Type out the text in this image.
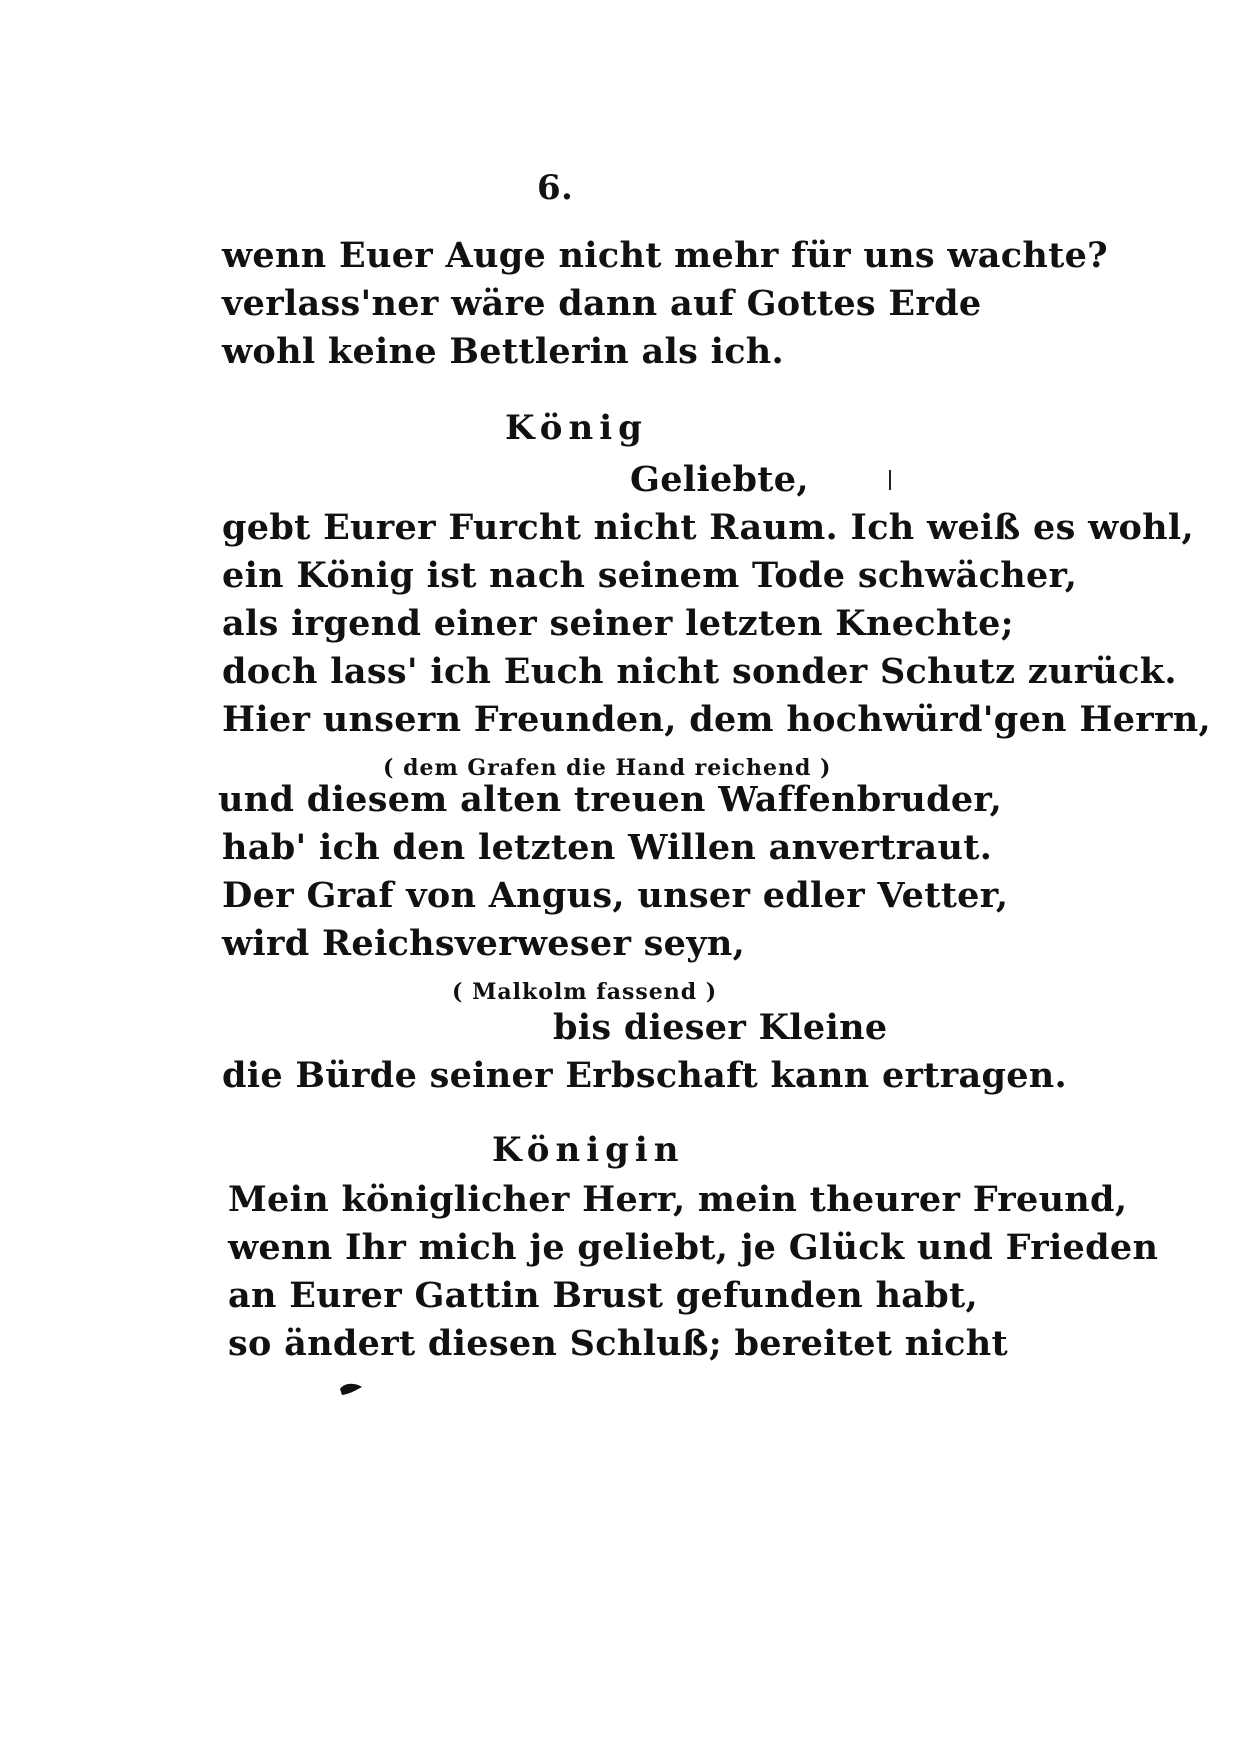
6.
wenn Euer Auge nicht mehr für uns wachte?
verlass'ner wäre dann auf Gottes Erde
wohl keine Bettlerin als ich.
König
Geliebte,
gebt Eurer Furcht nicht Raum. Ich weiß es wohl,
ein König ist nach seinem Tode schwächer,
als irgend einer seiner letzten Knechte;
doch lass' ich Euch nicht sonder Schutz zurück.
Hier unsern Freunden, dem hochwürd'gen Herrn,
( dem Grafen die Hand reichend )
und diesem alten treuen Waffenbruder,
hab' ich den letzten Willen anvertraut.
Der Graf von Angus, unser edler Vetter,
wird Reichsverweser seyn,
( Malkolm fassend )
bis dieser Kleine
die Bürde seiner Erbschaft kann ertragen.
Königin
Mein königlicher Herr, mein theurer Freund,
wenn Ihr mich je geliebt, je Glück und Frieden
an Eurer Gattin Brust gefunden habt,
so ändert diesen Schluß; bereitet nicht
